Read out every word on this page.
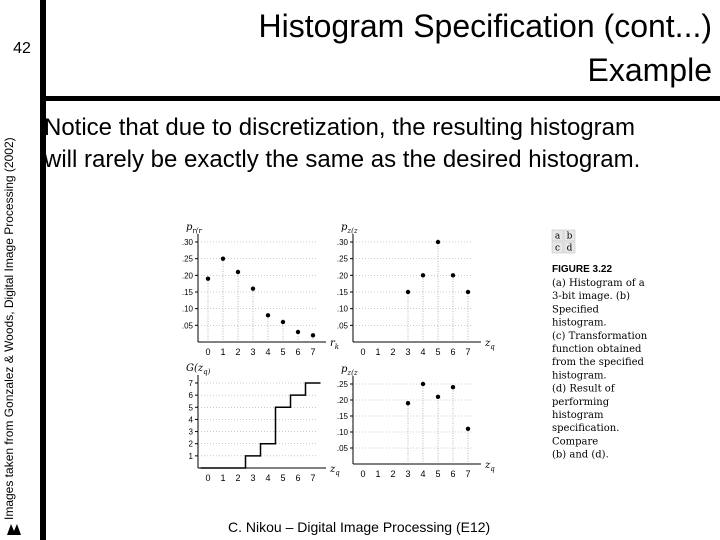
42
Images taken from Gonzalez & Woods, Digital Image Processing (2002)
Histogram Specification (cont...)
Example
Notice that due to discretization, the resulting histogram will rarely be exactly the same as the desired histogram.
$p_{r(r}$
$r_k$
0 1 2 3 4 5 6 7
.30
.25
.20
.15
.10
.05
$p_{z(z}$
$z_q$
0 1 2 3 4 5 6 7
.30
.25
.20
.15
.10
.05
$G(z_{q)}$
$z_q$
0 1 2 3 4 5 6 7
7
6
5
4
3
2
1
$p_{z(z}$
$z_q$
0 1 2 3 4 5 6 7
.25
.20
.15
.10
.05
a b
c d
FIGURE 3.22
(a) Histogram of a
3-bit image. (b)
Specified
histogram.
(c) Transformation
function obtained
from the specified
histogram.
(d) Result of
performing
histogram
specification.
Compare
(b) and (d).
C. Nikou – Digital Image Processing (E12)
